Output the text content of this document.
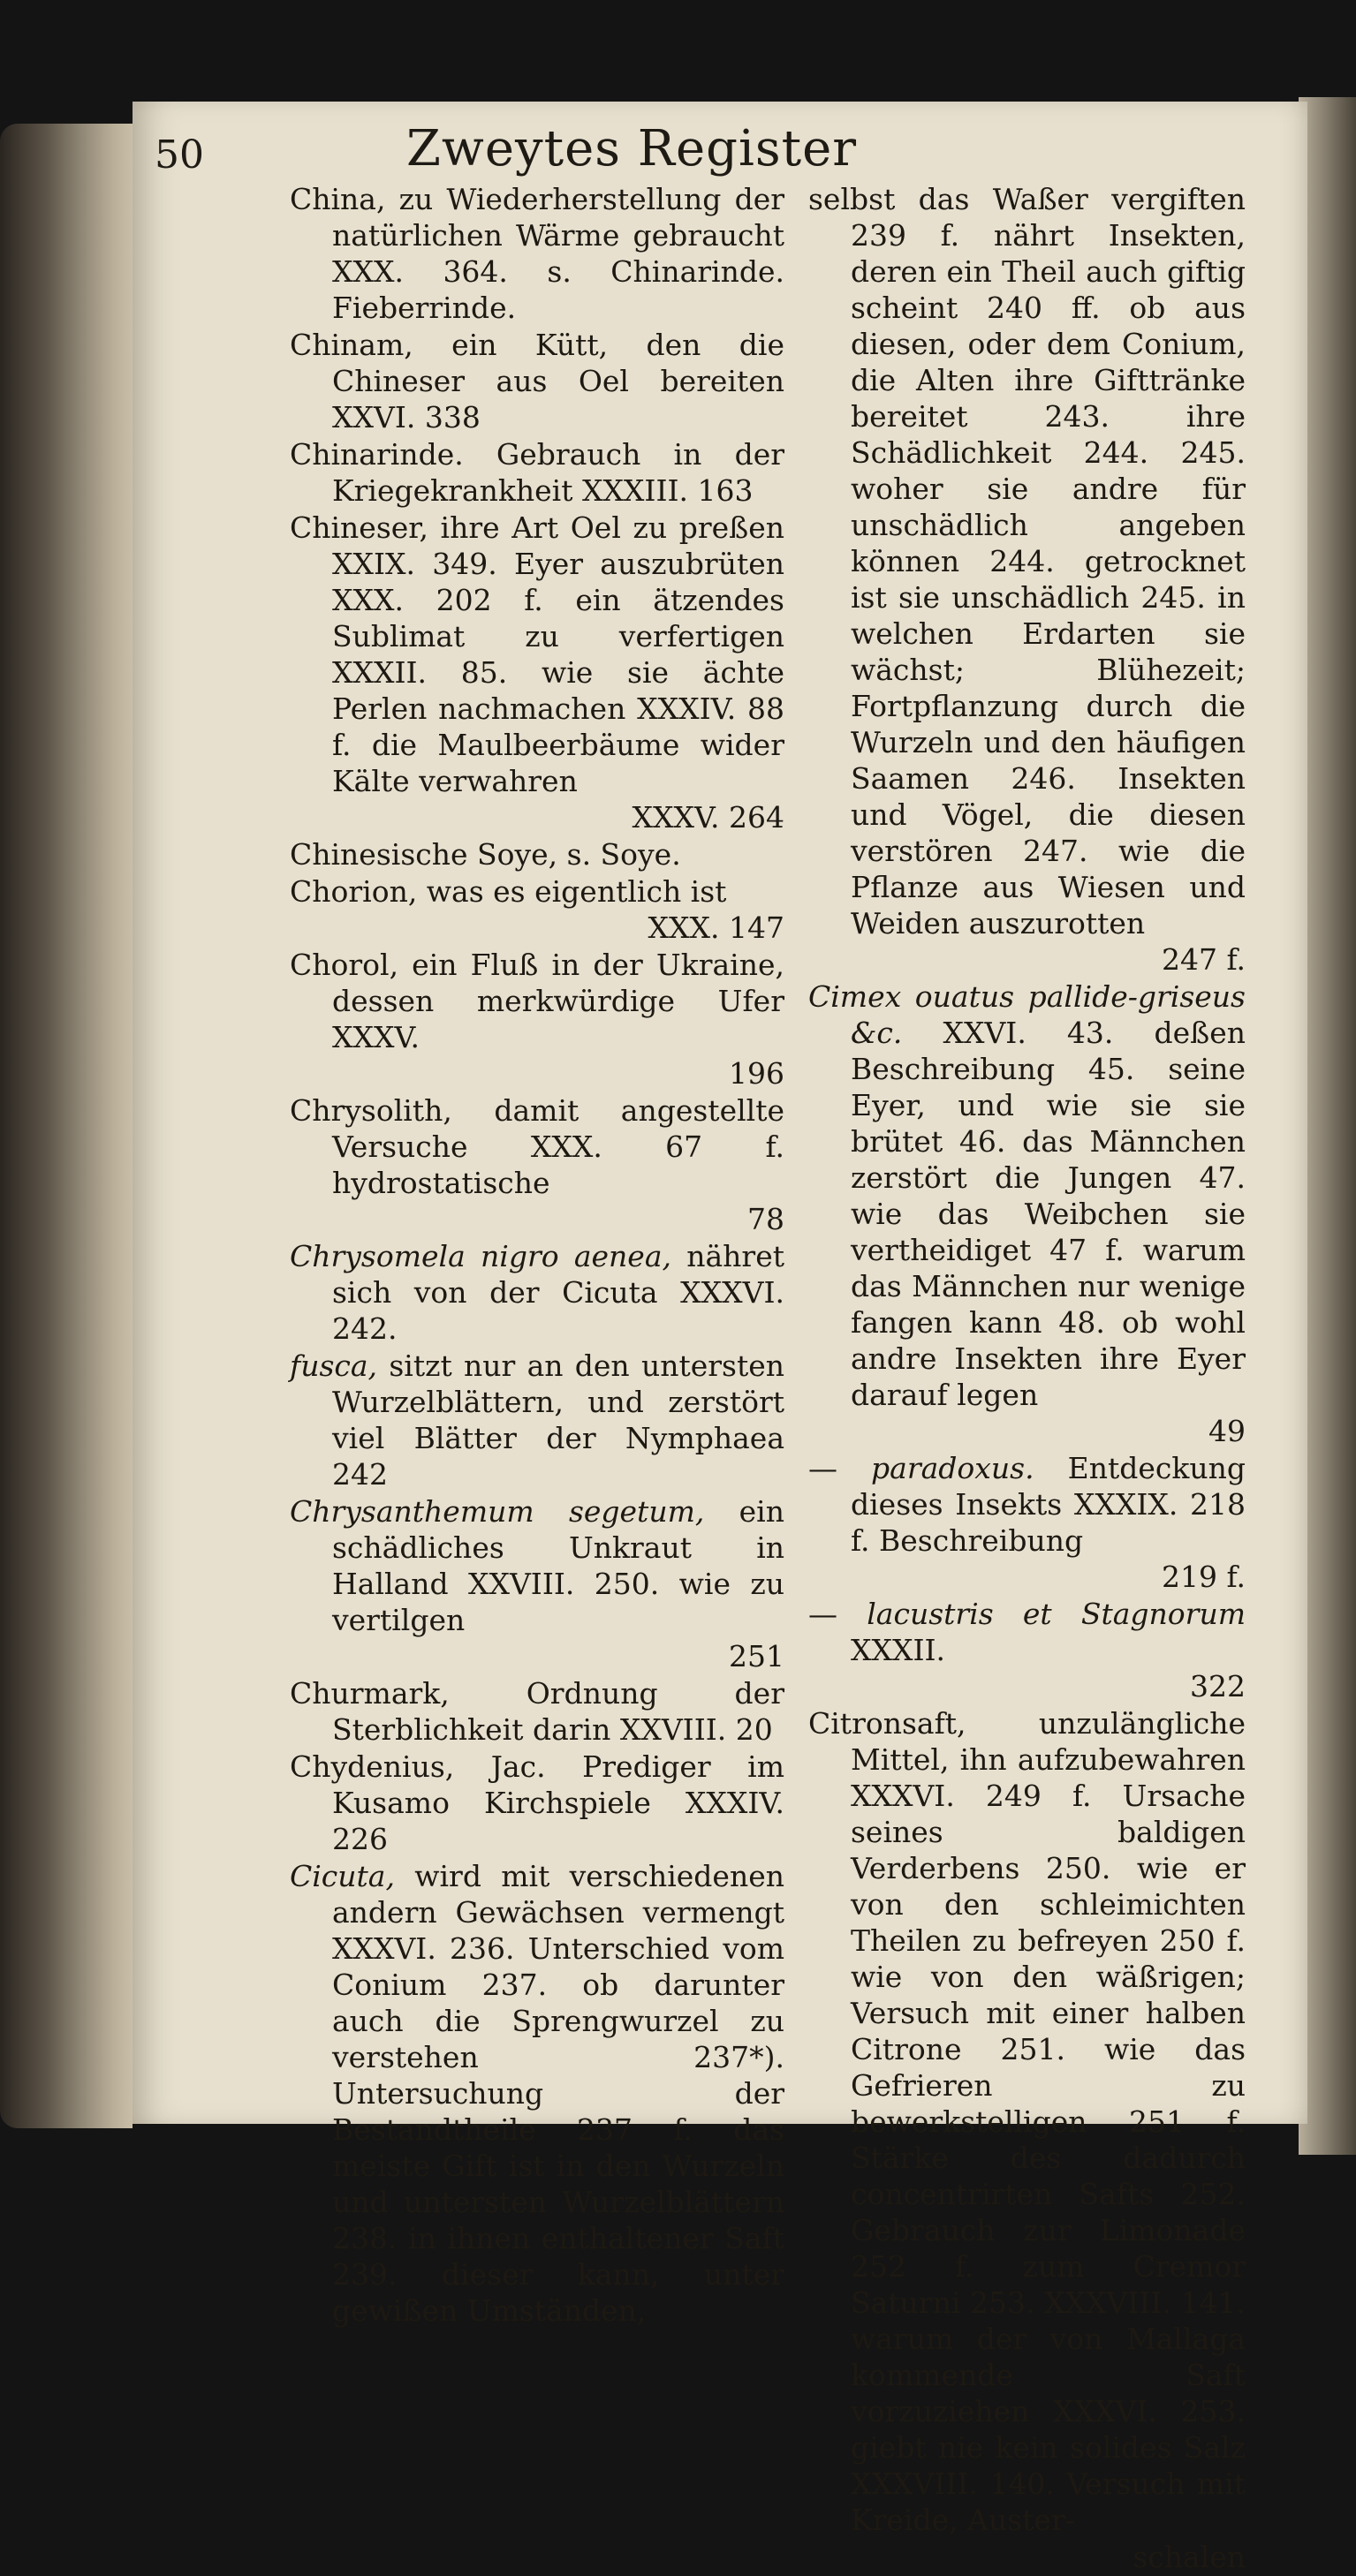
50	Zweytes Register

China, zu Wiederherstellung der natürlichen Wärme gebraucht XXX. 364. s. Chinarinde. Fieberrinde.

Chinam, ein Kütt, den die Chineser aus Oel bereiten XXVI. 338

Chinarinde. Gebrauch in der Kriegekrankheit XXXIII. 163

Chineser, ihre Art Oel zu preßen XXIX. 349. Eyer auszubrüten XXX. 202 f. ein ätzendes Sublimat zu verfertigen XXXII. 85. wie sie ächte Perlen nachmachen XXXIV. 88 f. die Maulbeerbäume wider Kälte verwahren
XXXV. 264

Chinesische Soye, s. Soye.

Chorion, was es eigentlich ist
XXX. 147

Chorol, ein Fluß in der Ukraine, dessen merkwürdige Ufer XXXV.
196

Chrysolith, damit angestellte Versuche XXX. 67 f. hydrostatische
78

Chrysomela nigro aenea, nähret sich von der Cicuta XXXVI. 242.

fusca, sitzt nur an den untersten Wurzelblättern, und zerstört viel Blätter der Nymphaea 242

Chrysanthemum segetum, ein schädliches Unkraut in Halland XXVIII. 250. wie zu vertilgen
251

Churmark, Ordnung der Sterblichkeit darin XXVIII. 20

Chydenius, Jac. Prediger im Kusamo Kirchspiele XXXIV. 226

Cicuta, wird mit verschiedenen andern Gewächsen vermengt XXXVI. 236. Unterschied vom Conium 237. ob darunter auch die Sprengwurzel zu verstehen 237*). Untersuchung der Bestandtheile 237 f. das meiste Gift ist in den Wurzeln und untersten Wurzelblättern 238. in ihnen enthaltener Saft 239. dieser kann, unter gewißen Umständen,

selbst das Waßer vergiften 239 f. nährt Insekten, deren ein Theil auch giftig scheint 240 ff. ob aus diesen, oder dem Conium, die Alten ihre Gifttränke bereitet 243. ihre Schädlichkeit 244. 245. woher sie andre für unschädlich angeben können 244. getrocknet ist sie unschädlich 245. in welchen Erdarten sie wächst; Blühezeit; Fortpflanzung durch die Wurzeln und den häufigen Saamen 246. Insekten und Vögel, die diesen verstören 247. wie die Pflanze aus Wiesen und Weiden auszurotten
247 f.

Cimex ouatus pallide-griseus &c. XXVI. 43. deßen Beschreibung 45. seine Eyer, und wie sie sie brütet 46. das Männchen zerstört die Jungen 47. wie das Weibchen sie vertheidiget 47 f. warum das Männchen nur wenige fangen kann 48. ob wohl andre Insekten ihre Eyer darauf legen
49

— paradoxus. Entdeckung dieses Insekts XXXIX. 218 f. Beschreibung
219 f.

— lacustris et Stagnorum XXXII.
322

Citronsaft, unzulängliche Mittel, ihn aufzubewahren XXXVI. 249 f. Ursache seines baldigen Verderbens 250. wie er von den schleimichten Theilen zu befreyen 250 f. wie von den wäßrigen; Versuch mit einer halben Citrone 251. wie das Gefrieren zu bewerkstelligen 251 f. Stärke des dadurch concentrirten Safts 252. Gebrauch zur Limonade 252 f. zum Cremor Saturni 253. XXXVIII. 141. warum der von Mallaga kommende Saft vorzuziehen XXXVI. 253. giebt nie kein solides Salz XXXVIII. 140. Versuch mit Kreide, Auster-

schalen
